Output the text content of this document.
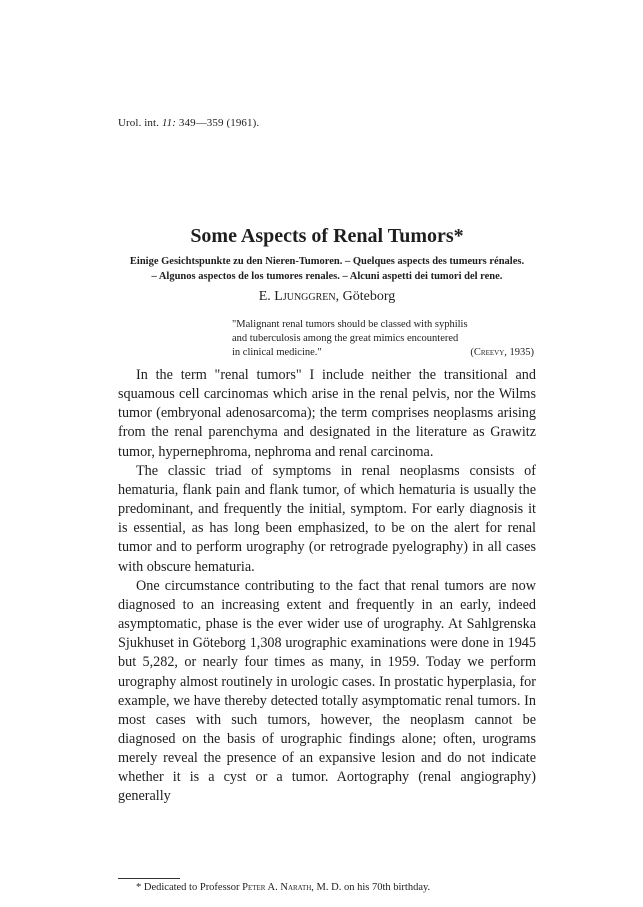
Urol. int. 11: 349—359 (1961).
Some Aspects of Renal Tumors*
Einige Gesichtspunkte zu den Nieren-Tumoren. – Quelques aspects des tumeurs rénales.
– Algunos aspectos de los tumores renales. – Alcuni aspetti dei tumori del rene.
E. Ljunggren, Göteborg
"Malignant renal tumors should be classed with syphilis
and tuberculosis among the great mimics encountered
in clinical medicine."	(Creevy, 1935)

In the term "renal tumors" I include neither the transitional and squamous cell carcinomas which arise in the renal pelvis, nor the Wilms tumor (embryonal adenosarcoma); the term comprises neoplasms arising from the renal parenchyma and designated in the literature as Grawitz tumor, hypernephroma, nephroma and renal carcinoma.

The classic triad of symptoms in renal neoplasms consists of hematuria, flank pain and flank tumor, of which hematuria is usually the predominant, and frequently the initial, symptom. For early diagnosis it is essential, as has long been emphasized, to be on the alert for renal tumor and to perform urography (or retrograde pyelography) in all cases with obscure hematuria.

One circumstance contributing to the fact that renal tumors are now diagnosed to an increasing extent and frequently in an early, indeed asymptomatic, phase is the ever wider use of urography. At Sahlgrenska Sjukhuset in Göteborg 1,308 urographic examinations were done in 1945 but 5,282, or nearly four times as many, in 1959. Today we perform urography almost routinely in urologic cases. In prostatic hyperplasia, for example, we have thereby detected totally asymptomatic renal tumors. In most cases with such tumors, however, the neoplasm cannot be diagnosed on the basis of urographic findings alone; often, urograms merely reveal the presence of an expansive lesion and do not indicate whether it is a cyst or a tumor. Aortography (renal angiography) generally

* Dedicated to Professor Peter A. Narath, M. D. on his 70th birthday.
